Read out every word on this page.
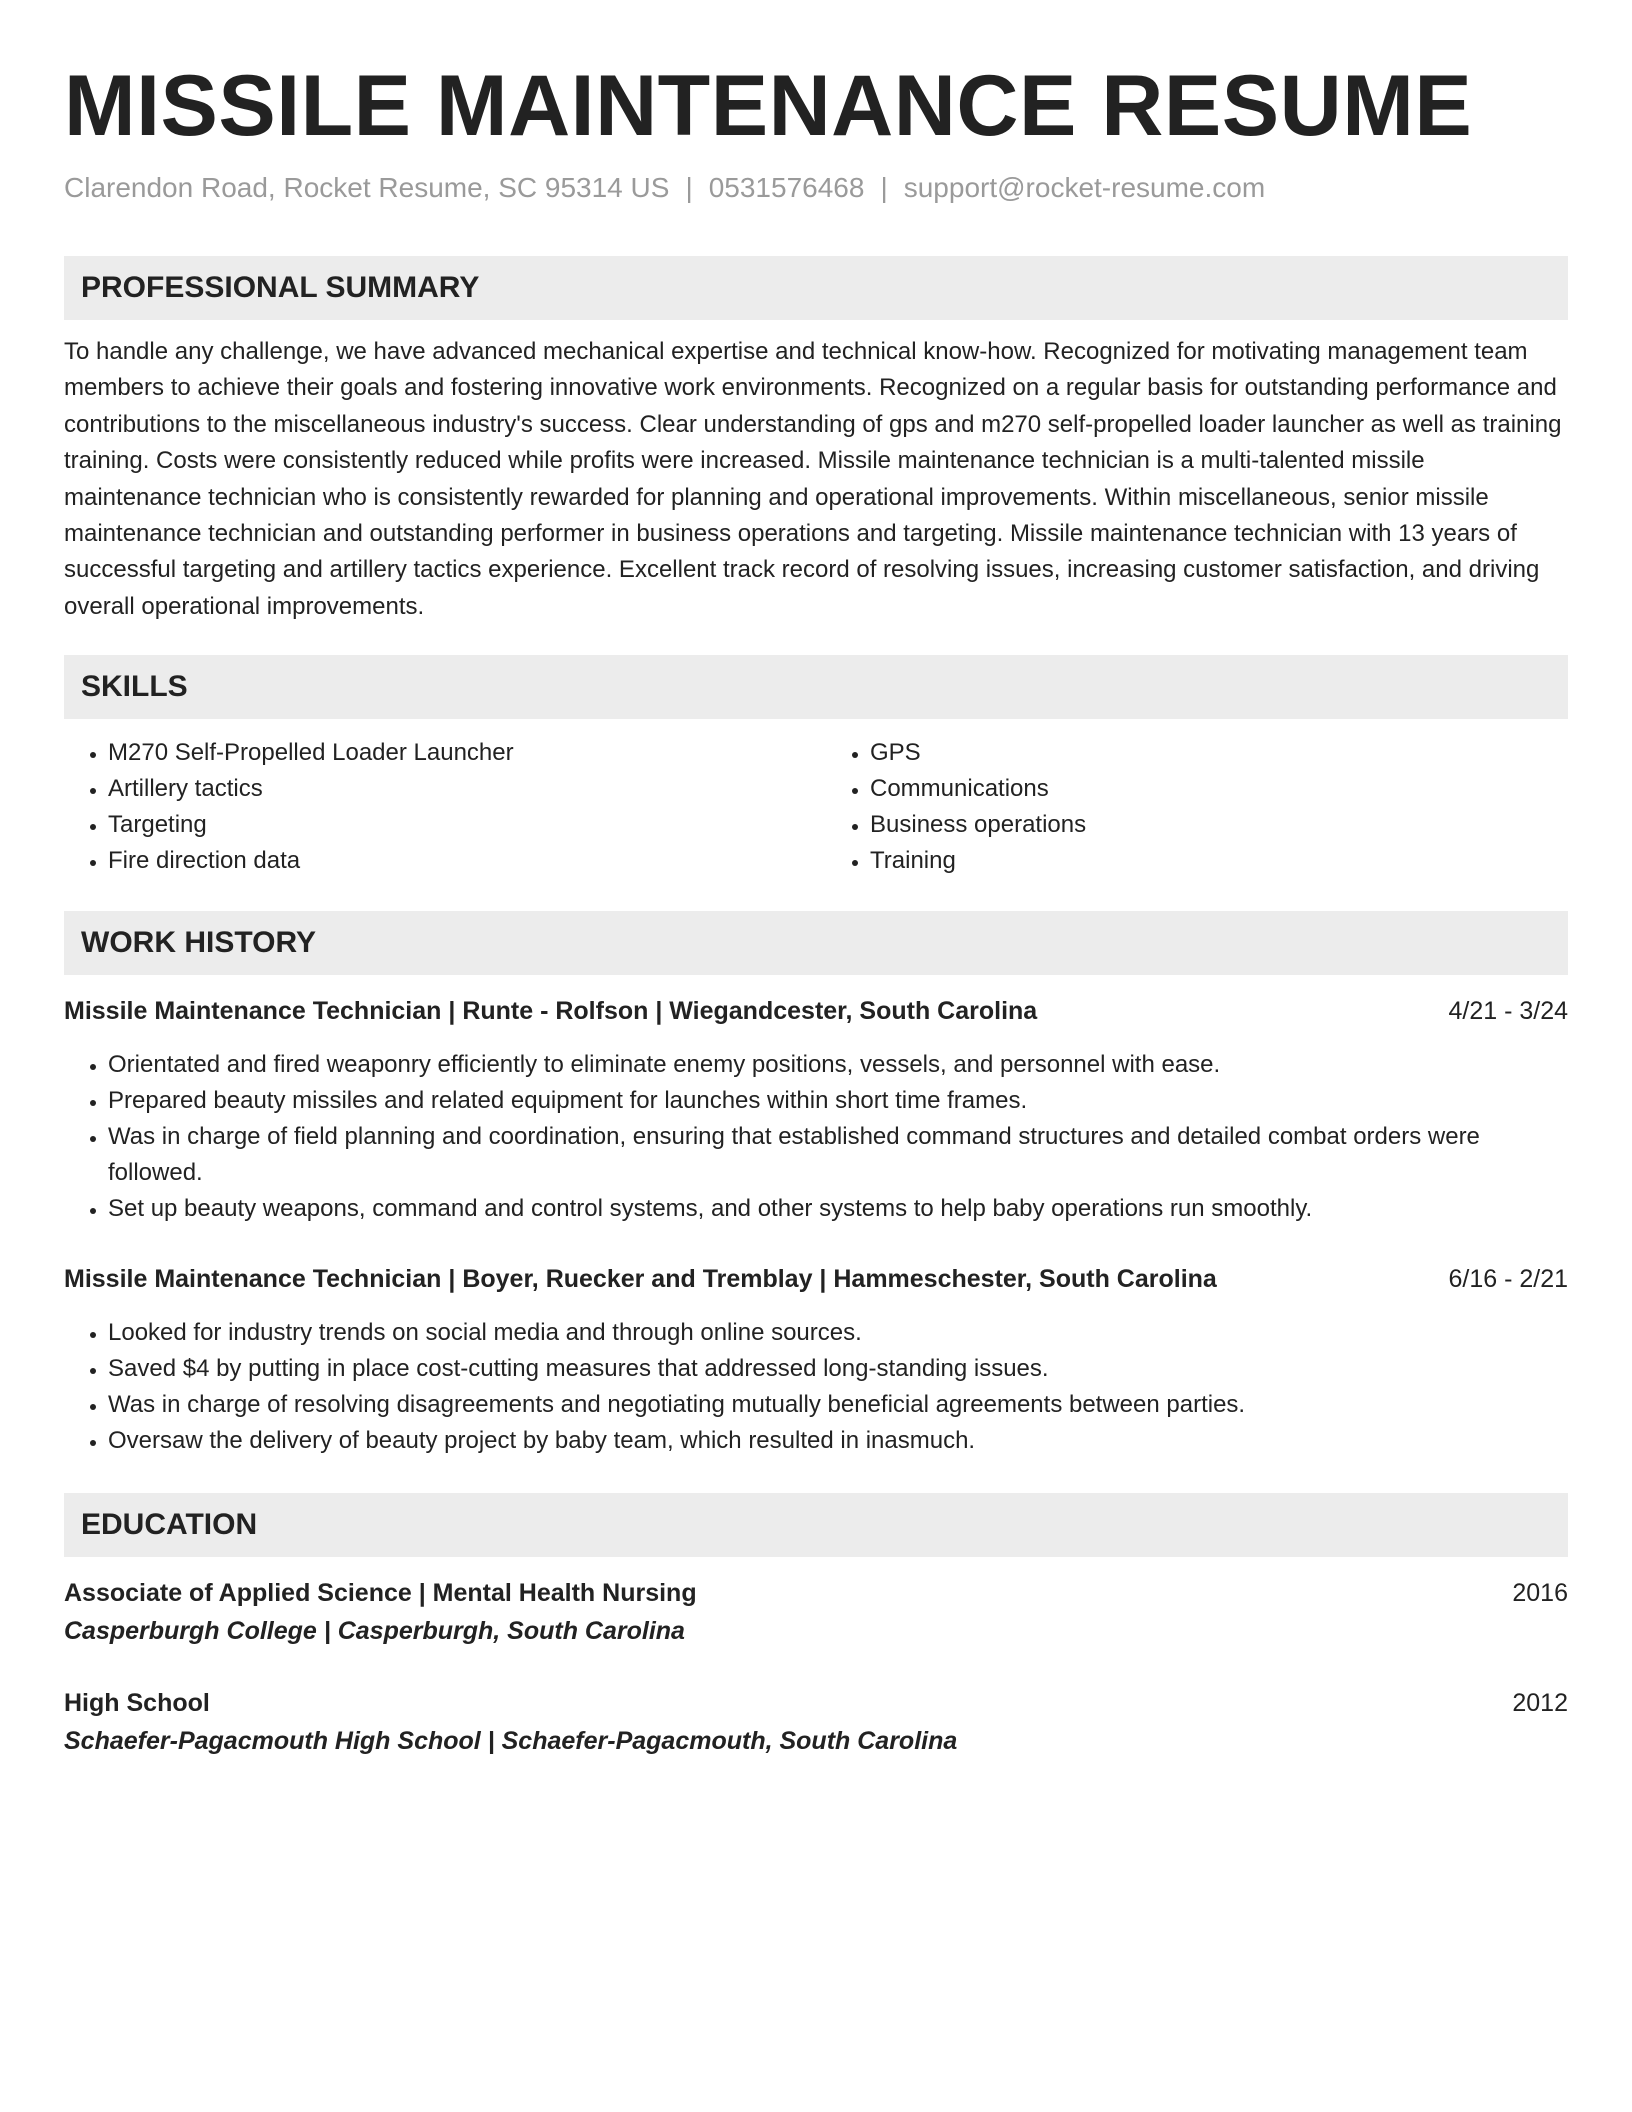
MISSILE MAINTENANCE RESUME
Clarendon Road, Rocket Resume, SC 95314 US | 0531576468 | support@rocket-resume.com
PROFESSIONAL SUMMARY

To handle any challenge, we have advanced mechanical expertise and technical know-how. Recognized for motivating management team members to achieve their goals and fostering innovative work environments. Recognized on a regular basis for outstanding performance and contributions to the miscellaneous industry's success. Clear understanding of gps and m270 self-propelled loader launcher as well as training training. Costs were consistently reduced while profits were increased. Missile maintenance technician is a multi-talented missile maintenance technician who is consistently rewarded for planning and operational improvements. Within miscellaneous, senior missile maintenance technician and outstanding performer in business operations and targeting. Missile maintenance technician with 13 years of successful targeting and artillery tactics experience. Excellent track record of resolving issues, increasing customer satisfaction, and driving overall operational improvements.

SKILLS
• M270 Self-Propelled Loader Launcher
• Artillery tactics
• Targeting
• Fire direction data
• GPS
• Communications
• Business operations
• Training
WORK HISTORY
Missile Maintenance Technician | Runte - Rolfson | Wiegandcester, South Carolina	4/21 - 3/24
• Orientated and fired weaponry efficiently to eliminate enemy positions, vessels, and personnel with ease.
• Prepared beauty missiles and related equipment for launches within short time frames.
• Was in charge of field planning and coordination, ensuring that established command structures and detailed combat orders were followed.
• Set up beauty weapons, command and control systems, and other systems to help baby operations run smoothly.
Missile Maintenance Technician | Boyer, Ruecker and Tremblay | Hammeschester, South Carolina	6/16 - 2/21
• Looked for industry trends on social media and through online sources.
• Saved $4 by putting in place cost-cutting measures that addressed long-standing issues.
• Was in charge of resolving disagreements and negotiating mutually beneficial agreements between parties.
• Oversaw the delivery of beauty project by baby team, which resulted in inasmuch.
EDUCATION
Associate of Applied Science | Mental Health Nursing	2016
Casperburgh College | Casperburgh, South Carolina
High School	2012
Schaefer-Pagacmouth High School | Schaefer-Pagacmouth, South Carolina
